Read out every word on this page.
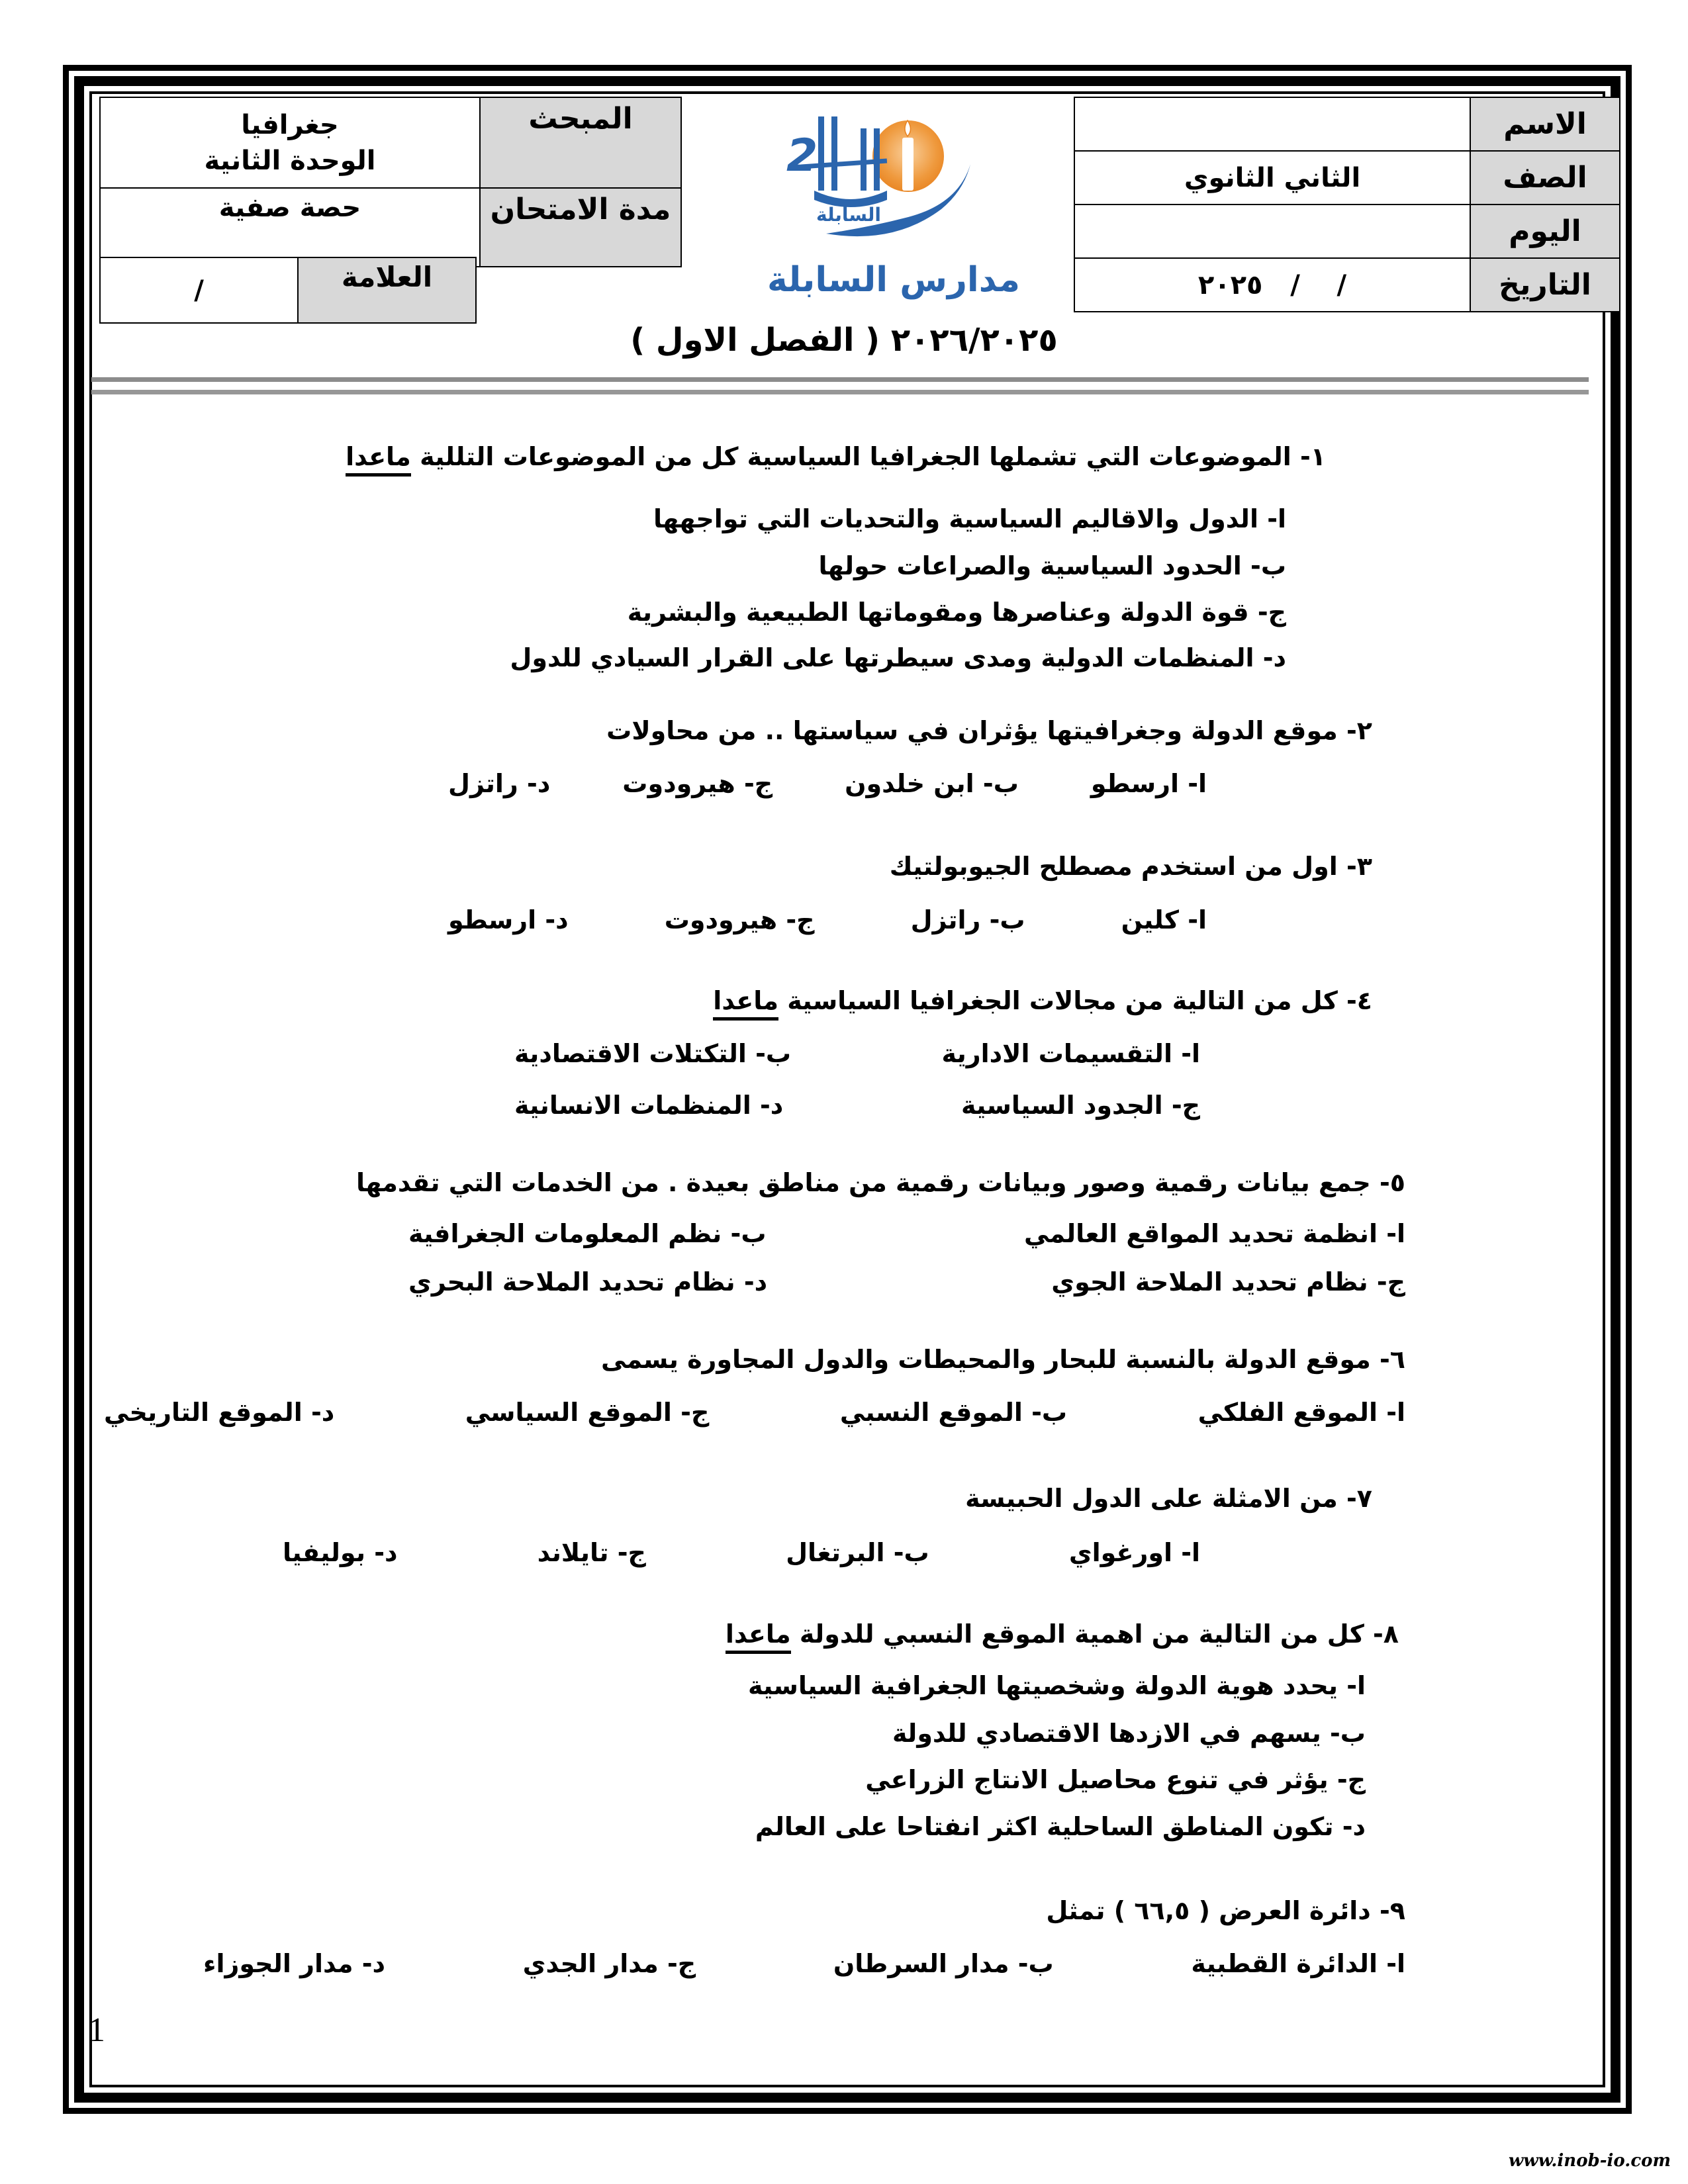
الاسم	
الصف	الثاني الثانوي
اليوم	
التاريخ	/    /   ٢٠٢٥
المبحث	جغرافيا
الوحدة الثانية

مدة الامتحان	حصة صفية
العلامة	/
2
السابلة
مدارس السابلة
٢٠٢٦/٢٠٢٥ ( الفصل الاول )
١- الموضوعات التي تشملها الجغرافيا السياسية كل من الموضوعات التللية ماعدا
ا- الدول والاقاليم السياسية والتحديات التي تواجهها
ب- الحدود السياسية والصراعات حولها
ج- قوة الدولة وعناصرها ومقوماتها الطبيعية والبشرية
د- المنظمات الدولية ومدى سيطرتها على القرار السيادي للدول
٢- موقع الدولة وجغرافيتها يؤثران في سياستها .. من محاولات
ا- ارسطو
ب- ابن خلدون
ج- هيرودوت
د- راتزل
٣- اول من استخدم مصطلح الجيوبولتيك
ا- كلين
ب- راتزل
ج- هيرودوت
د- ارسطو
٤- كل من التالية من مجالات الجغرافيا السياسية ماعدا
ا- التقسيمات الادارية
ب- التكتلات الاقتصادية
ج- الجدود السياسية
د- المنظمات الانسانية
٥- جمع بيانات رقمية وصور وبيانات رقمية من مناطق بعيدة . من الخدمات التي تقدمها
ا- انظمة تحديد المواقع العالمي
ب- نظم المعلومات الجغرافية
ج- نظام تحديد الملاحة الجوي
د- نظام تحديد الملاحة البحري
٦- موقع الدولة بالنسبة للبحار والمحيطات والدول المجاورة يسمى
ا- الموقع الفلكي
ب- الموقع النسبي
ج- الموقع السياسي
د- الموقع التاريخي
٧- من الامثلة على الدول الحبيسة
ا- اورغواي
ب- البرتغال
ج- تايلاند
د- بوليفيا
٨- كل من التالية من اهمية الموقع النسبي للدولة ماعدا
ا- يحدد هوية الدولة وشخصيتها الجغرافية السياسية
ب- يسهم في الازدها الاقتصادي للدولة
ج- يؤثر في تنوع محاصيل الانتاج الزراعي
د- تكون المناطق الساحلية اكثر انفتاحا على العالم
٩- دائرة العرض ( ٦٦,٥ ) تمثل
ا- الدائرة القطبية
ب- مدار السرطان
ج- مدار الجدي
د- مدار الجوزاء
1
www.inob-io.com
